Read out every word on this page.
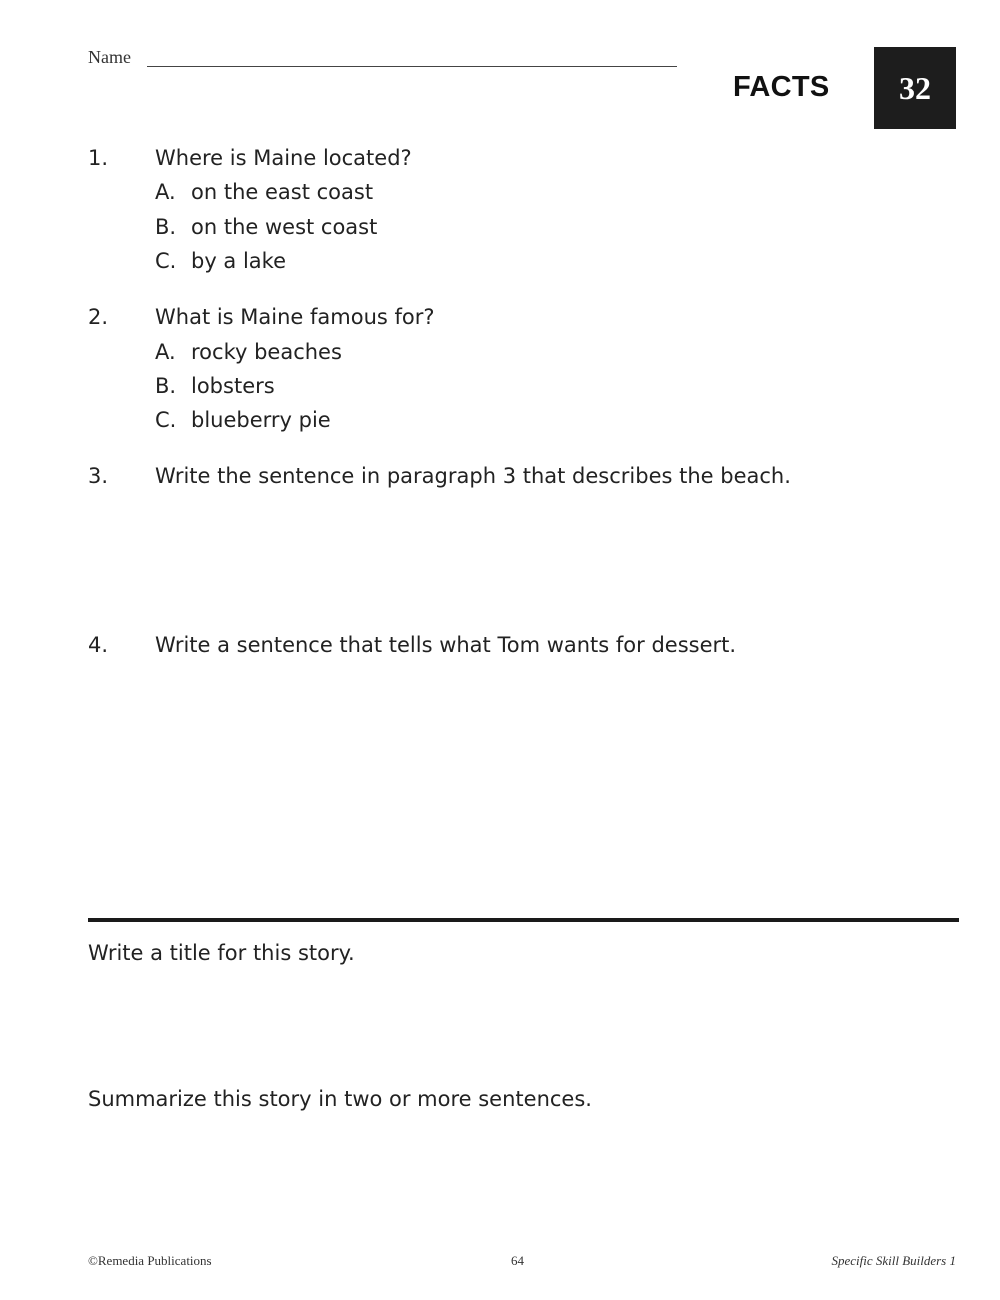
Name
FACTS	32
1. Where is Maine located?
A. on the east coast
B. on the west coast
C. by a lake
2. What is Maine famous for?
A. rocky beaches
B. lobsters
C. blueberry pie
3. Write the sentence in paragraph 3 that describes the beach.
4. Write a sentence that tells what Tom wants for dessert.
Write a title for this story.
Summarize this story in two or more sentences.
©Remedia Publications	64	Specific Skill Builders 1
